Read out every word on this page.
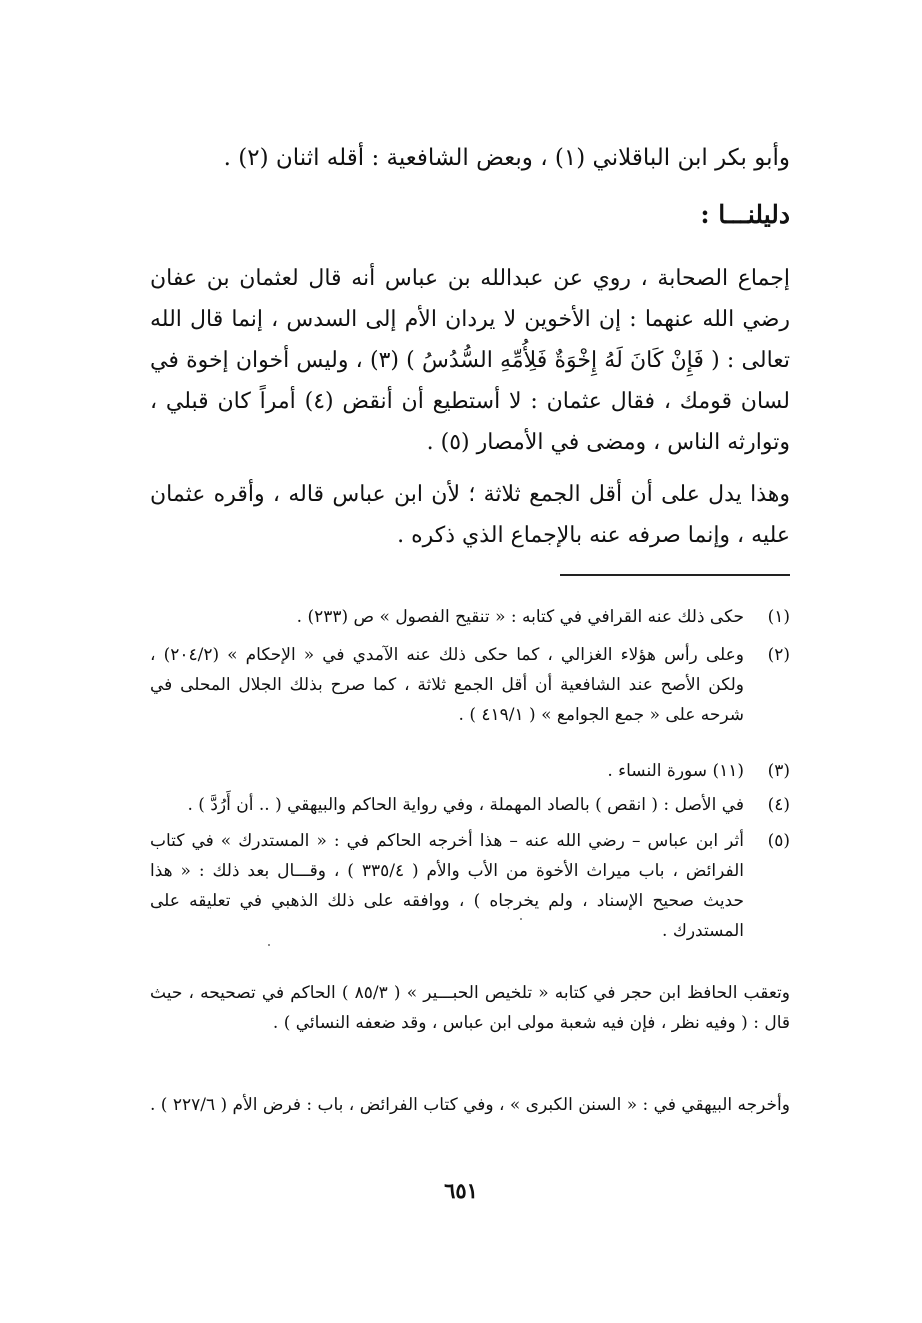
وأبو بكر ابن الباقلاني (١) ، وبعض الشافعية : أقله اثنان (٢) .
دليلنـــا :
إجماع الصحابة ، روي عن عبدالله بن عباس أنه قال لعثمان بن عفان رضي الله عنهما : إن الأخوين لا يردان الأم إلى السدس ، إنما قال الله تعالى : ( فَإِنْ كَانَ لَهُ إِخْوَةٌ فَلِأُمِّهِ السُّدُسُ ) (٣) ، وليس أخوان إخوة في لسان قومك ، فقال عثمان : لا أستطيع أن أنقض (٤) أمراً كان قبلي ، وتوارثه الناس ، ومضى في الأمصار (٥) .
وهذا يدل على أن أقل الجمع ثلاثة ؛ لأن ابن عباس قاله ، وأقره عثمان عليه ، وإنما صرفه عنه بالإجماع الذي ذكره .
(١)
حكى ذلك عنه القرافي في كتابه : « تنقيح الفصول » ص (٢٣٣) .
(٢)
وعلى رأس هؤلاء الغزالي ، كما حكى ذلك عنه الآمدي في « الإحكام » (٢٠٤/٢) ، ولكن الأصح عند الشافعية أن أقل الجمع ثلاثة ، كما صرح بذلك الجلال المحلى في شرحه على « جمع الجوامع » ( ٤١٩/١ ) .
(٣)
(١١) سورة النساء .
(٤)
في الأصل : ( انقص ) بالصاد المهملة ، وفي رواية الحاكم والبيهقي ( .. أن أَرُدَّ ) .
(٥)
أثر ابن عباس – رضي الله عنه – هذا أخرجه الحاكم في : « المستدرك » في كتاب الفرائض ، باب ميراث الأخوة من الأب والأم ( ٣٣٥/٤ ) ، وقـــال بعد ذلك : « هذا حديث صحيح الإسناد ، ولم يخرجاه ) ، ووافقه على ذلك الذهبي في تعليقه على المستدرك .
وتعقب الحافظ ابن حجر في كتابه « تلخيص الحبـــير » ( ٨٥/٣ ) الحاكم في تصحيحه ، حيث قال : ( وفيه نظر ، فإن فيه شعبة مولى ابن عباس ، وقد ضعفه النسائي ) .
وأخرجه البيهقي في : « السنن الكبرى » ، وفي كتاب الفرائض ، باب : فرض الأم ( ٢٢٧/٦ ) .
٦٥١
